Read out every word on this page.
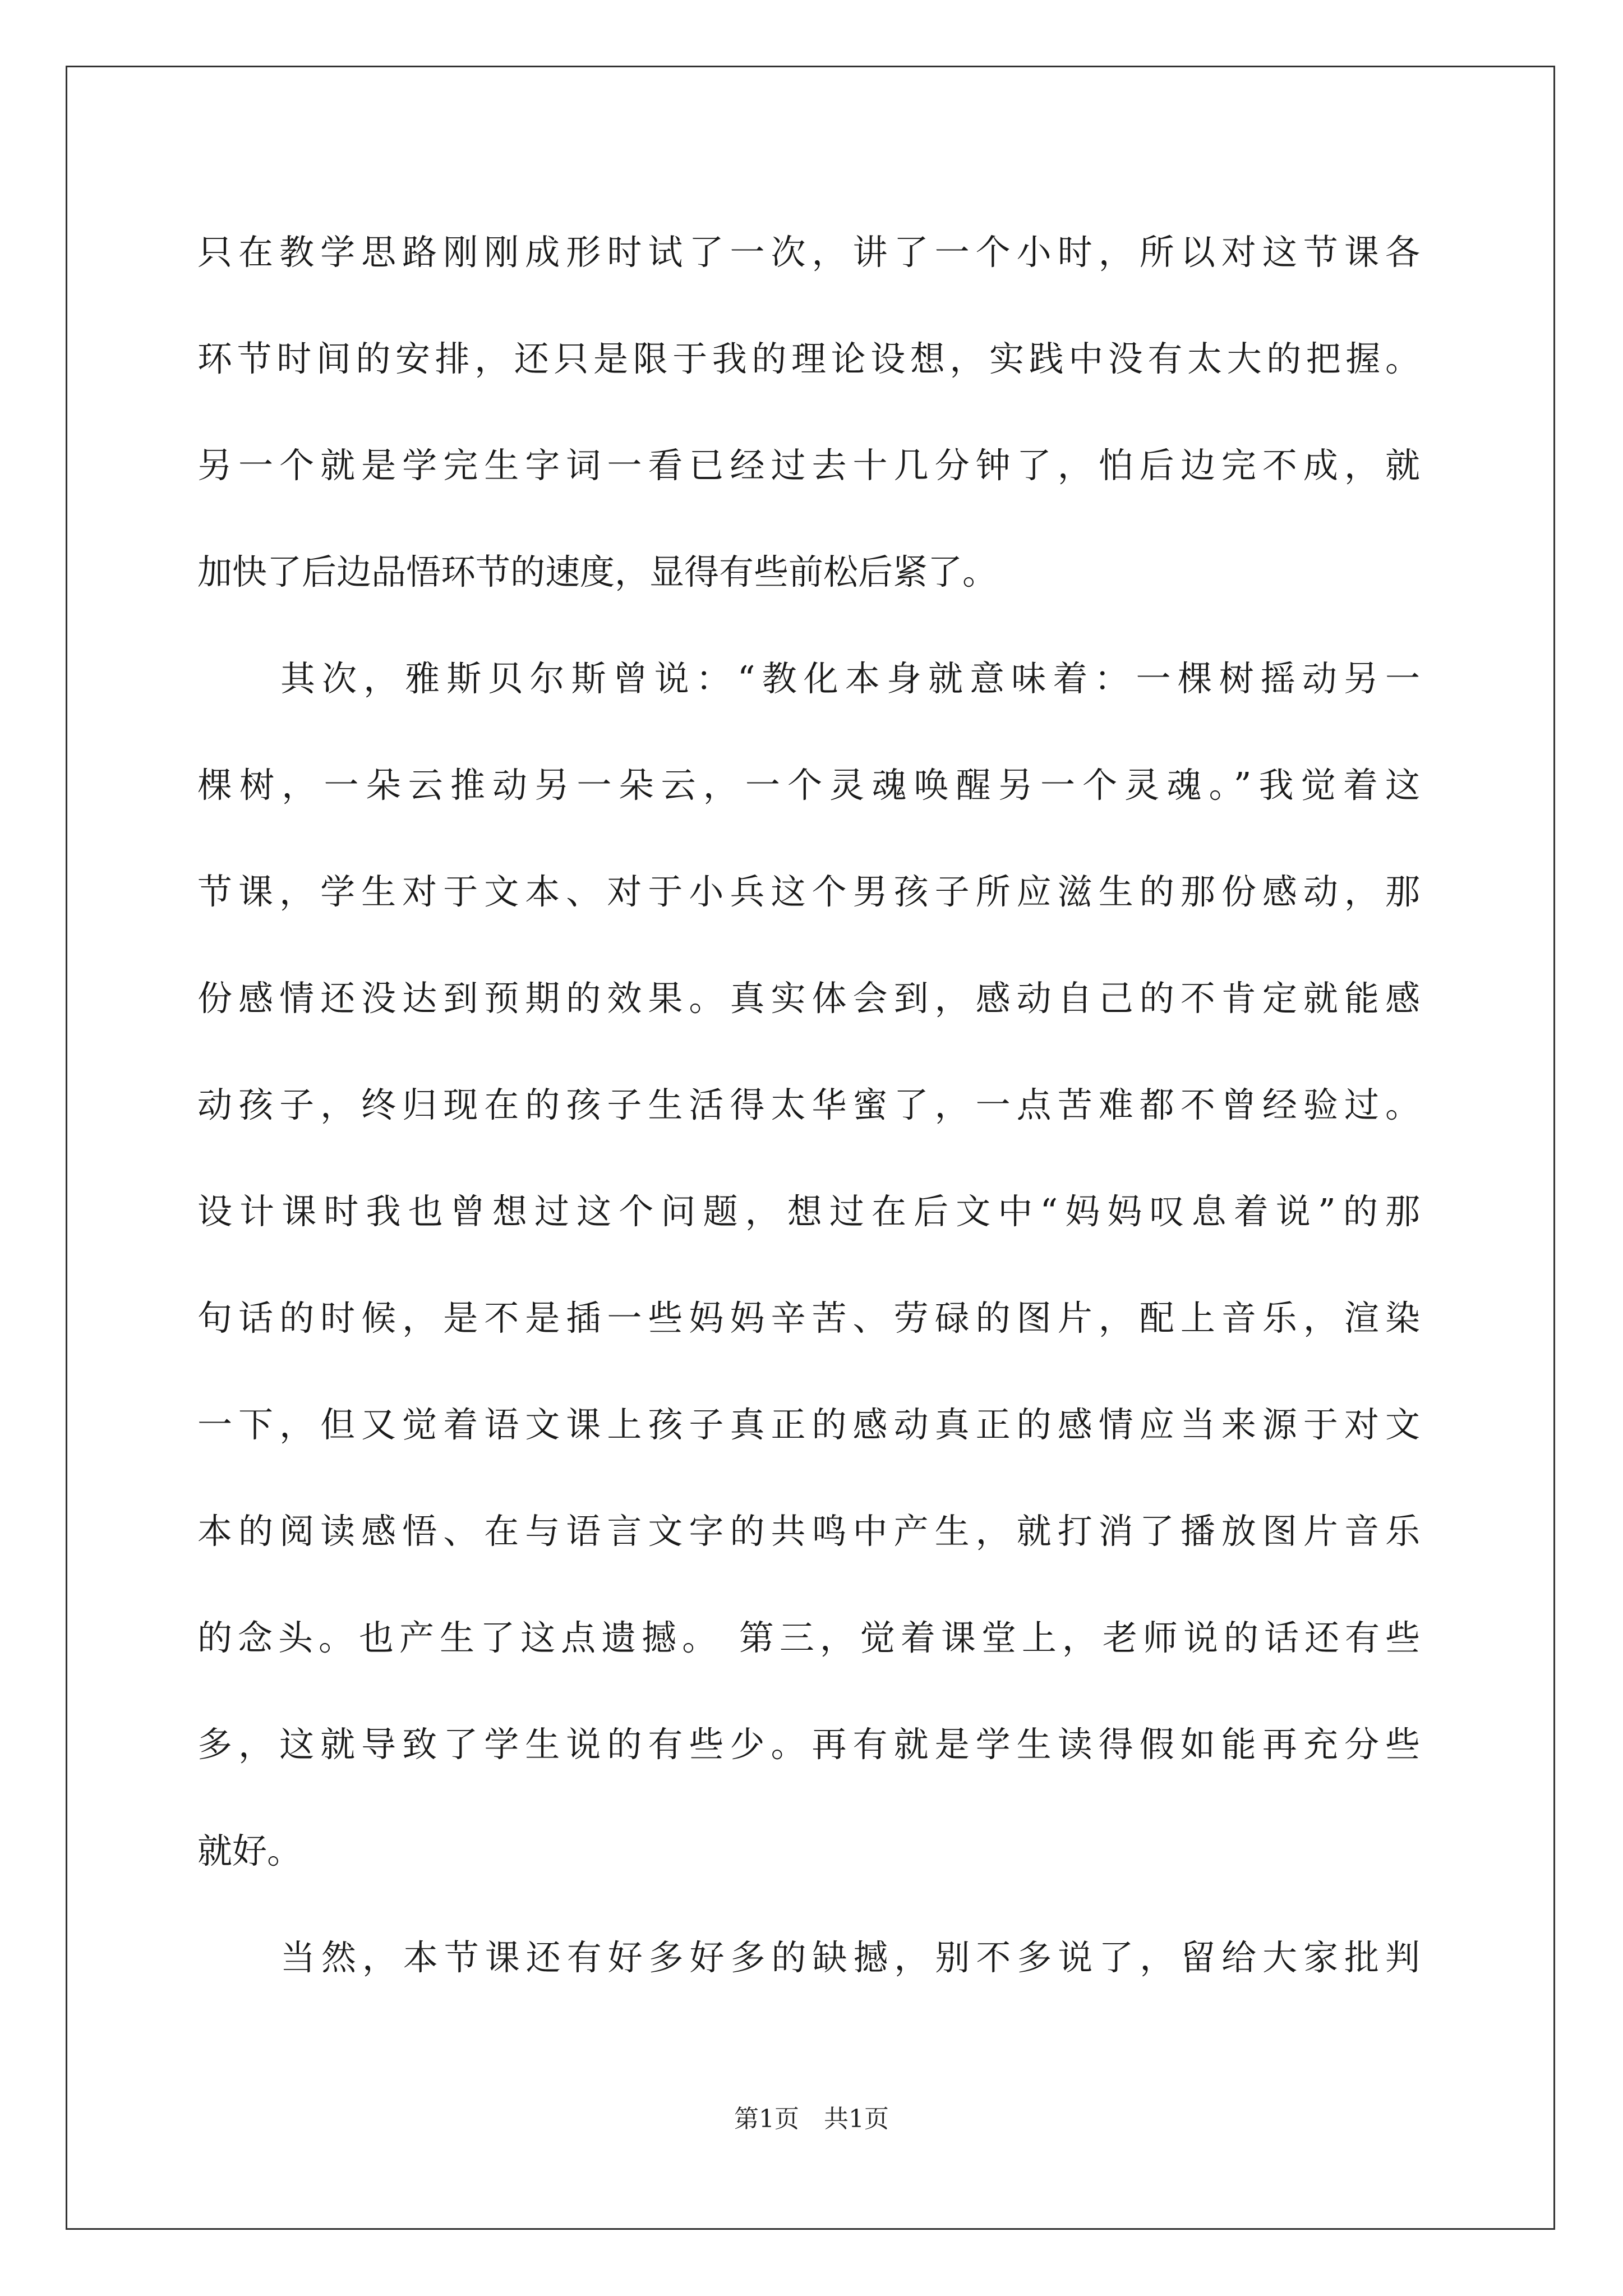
只在教学思路刚刚成形时试了一次，讲了一个小时，所以对这节课各
环节时间的安排，还只是限于我的理论设想，实践中没有太大的把握。
另一个就是学完生字词一看已经过去十几分钟了，怕后边完不成，就
加快了后边品悟环节的速度，显得有些前松后紧了。
其次，雅斯贝尔斯曾说：“教化本身就意味着：一棵树摇动另一
棵树，一朵云推动另一朵云，一个灵魂唤醒另一个灵魂。”我觉着这
节课，学生对于文本、对于小兵这个男孩子所应滋生的那份感动，那
份感情还没达到预期的效果。真实体会到，感动自己的不肯定就能感
动孩子，终归现在的孩子生活得太华蜜了，一点苦难都不曾经验过。
设计课时我也曾想过这个问题，想过在后文中“妈妈叹息着说”的那
句话的时候，是不是插一些妈妈辛苦、劳碌的图片，配上音乐，渲染
一下，但又觉着语文课上孩子真正的感动真正的感情应当来源于对文
本的阅读感悟、在与语言文字的共鸣中产生，就打消了播放图片音乐
的念头。也产生了这点遗撼。 第三，觉着课堂上，老师说的话还有些
多，这就导致了学生说的有些少。再有就是学生读得假如能再充分些
就好。
当然，本节课还有好多好多的缺撼，别不多说了，留给大家批判
第1页　共1页
